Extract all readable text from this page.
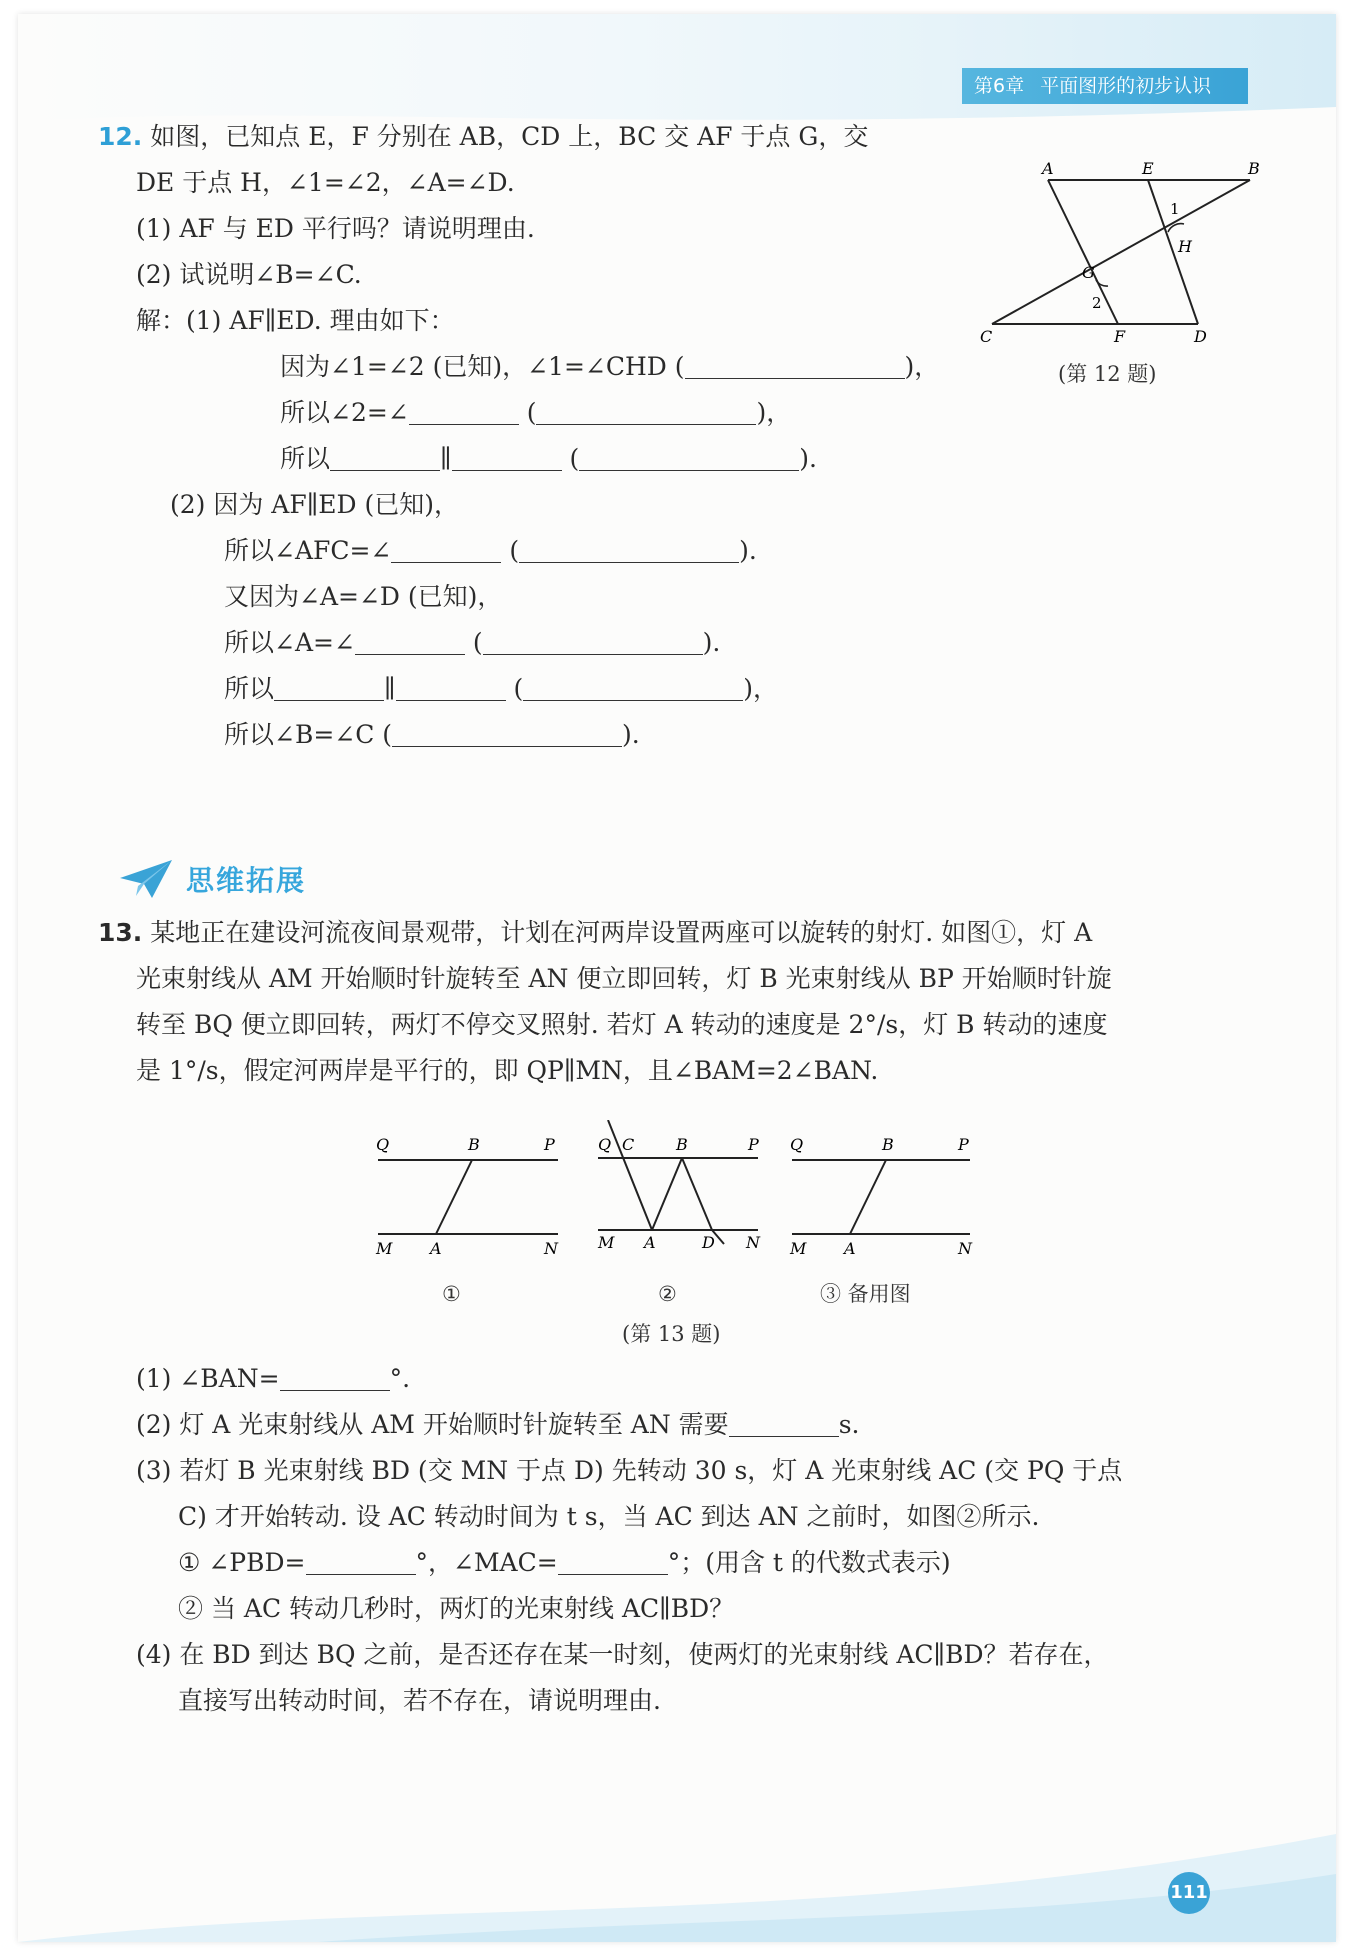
第6章 平面图形的初步认识
12. 如图，已知点 E，F 分别在 AB，CD 上，BC 交 AF 于点 G，交
DE 于点 H，∠1=∠2，∠A=∠D.
(1) AF 与 ED 平行吗？请说明理由.
(2) 试说明∠B=∠C.
解：(1) AF∥ED. 理由如下：
因为∠1=∠2 (已知)，∠1=∠CHD (	)，
所以∠2=∠	(	)，
所以	∥	(	).
(2) 因为 AF∥ED (已知)，
所以∠AFC=∠	(	).
又因为∠A=∠D (已知)，
所以∠A=∠	(	).
所以	∥	(	)，
所以∠B=∠C (	).
A	E	B
1
H
G
2
C	F	D
(第 12 题)
思维拓展
13. 某地正在建设河流夜间景观带，计划在河两岸设置两座可以旋转的射灯. 如图①，灯 A
光束射线从 AM 开始顺时针旋转至 AN 便立即回转，灯 B 光束射线从 BP 开始顺时针旋
转至 BQ 便立即回转，两灯不停交叉照射. 若灯 A 转动的速度是 2°/s，灯 B 转动的速度
是 1°/s，假定河两岸是平行的，即 QP∥MN，且∠BAM=2∠BAN.
Q	B	P
M A	N
①
Q C	B	P
M A	D N
②
Q	B	P
M A	N
③ 备用图
(第 13 题)
(1) ∠BAN=	°.
(2) 灯 A 光束射线从 AM 开始顺时针旋转至 AN 需要	s.
(3) 若灯 B 光束射线 BD (交 MN 于点 D) 先转动 30 s，灯 A 光束射线 AC (交 PQ 于点
C) 才开始转动. 设 AC 转动时间为 t s，当 AC 到达 AN 之前时，如图②所示.
① ∠PBD=	°，∠MAC=	°；(用含 t 的代数式表示)
② 当 AC 转动几秒时，两灯的光束射线 AC∥BD？
(4) 在 BD 到达 BQ 之前，是否还存在某一时刻，使两灯的光束射线 AC∥BD？若存在，
直接写出转动时间，若不存在，请说明理由.
111
